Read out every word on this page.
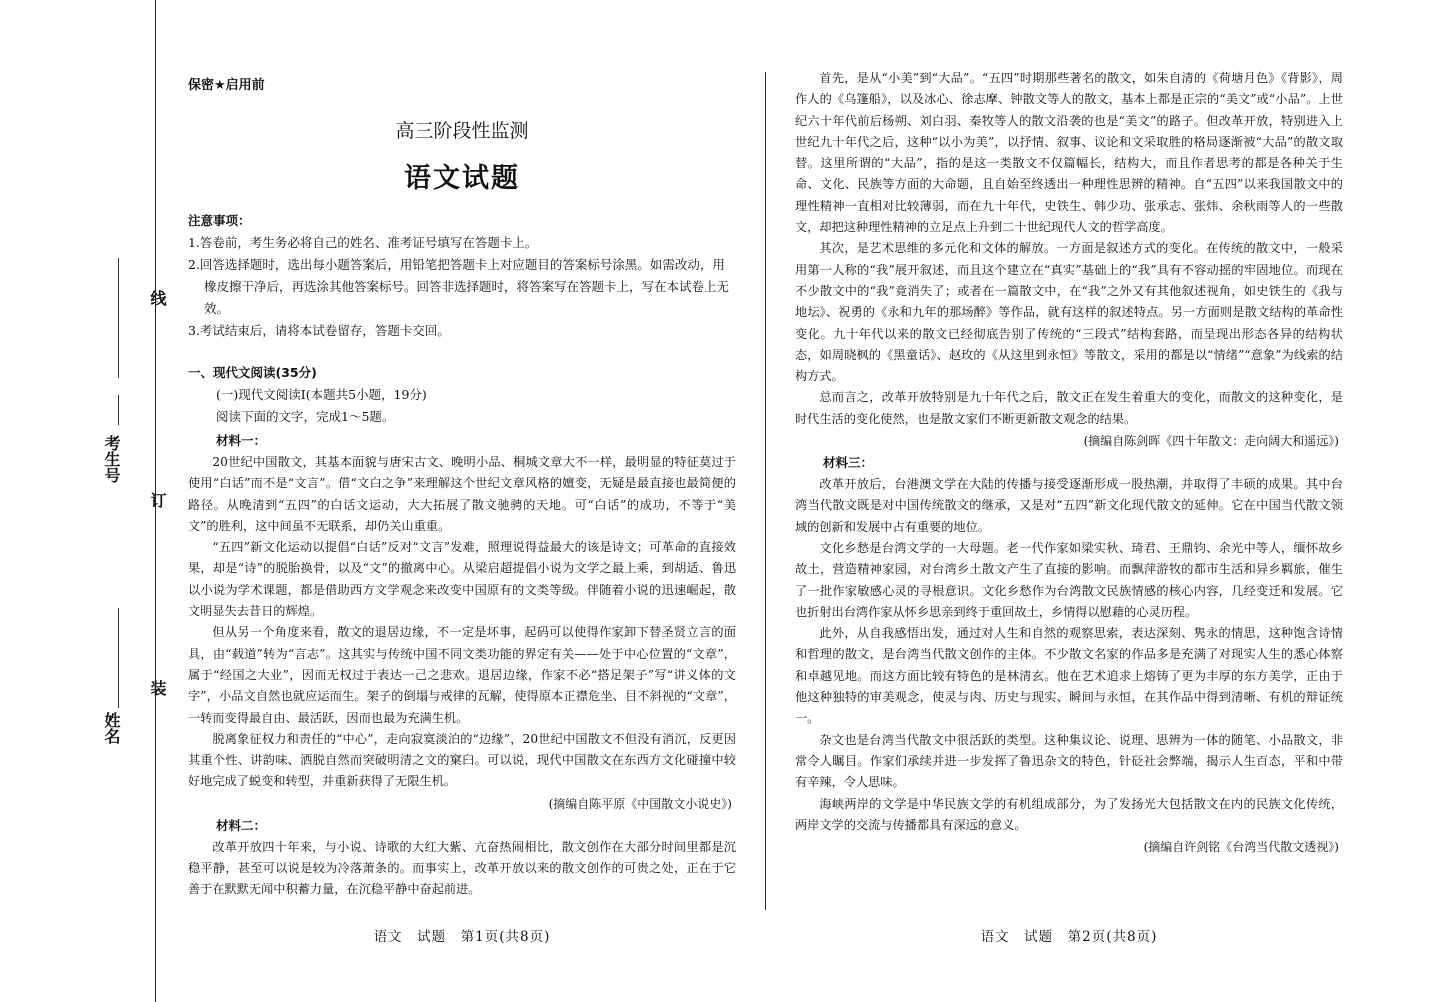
线
考生号
订
装
姓名
保密★启用前
高三阶段性监测
语文试题
注意事项：
1.答卷前，考生务必将自己的姓名、准考证号填写在答题卡上。
2.回答选择题时，选出每小题答案后，用铅笔把答题卡上对应题目的答案标号涂黑。如需改动，用橡皮擦干净后，再选涂其他答案标号。回答非选择题时，将答案写在答题卡上，写在本试卷上无效。
3.考试结束后，请将本试卷留存，答题卡交回。
一、现代文阅读(35分)
(一)现代文阅读Ⅰ(本题共5小题，19分)
阅读下面的文字，完成1～5题。
材料一：

20世纪中国散文，其基本面貌与唐宋古文、晚明小品、桐城文章大不一样，最明显的特征莫过于使用“白话”而不是“文言”。借“文白之争”来理解这个世纪文章风格的嬗变，无疑是最直接也最简便的路径。从晚清到“五四”的白话文运动，大大拓展了散文驰骋的天地。可“白话”的成功，不等于“美文”的胜利，这中间虽不无联系，却仍关山重重。

“五四”新文化运动以提倡“白话”反对“文言”发难，照理说得益最大的该是诗文；可革命的直接效果，却是“诗”的脱胎换骨，以及“文”的撤离中心。从梁启超提倡小说为文学之最上乘，到胡适、鲁迅以小说为学术课题，都是借助西方文学观念来改变中国原有的文类等级。伴随着小说的迅速崛起，散文明显失去昔日的辉煌。

但从另一个角度来看，散文的退居边缘，不一定是坏事，起码可以使得作家卸下替圣贤立言的面具，由“载道”转为“言志”。这其实与传统中国不同文类功能的界定有关——处于中心位置的“文章”，属于“经国之大业”，因而无权过于表达一己之悲欢。退居边缘，作家不必“搭足架子”写“讲义体的文字”，小品文自然也就应运而生。架子的倒塌与戒律的瓦解，使得原本正襟危坐、目不斜视的“文章”，一转而变得最自由、最活跃，因而也最为充满生机。

脱离象征权力和责任的“中心”，走向寂寞淡泊的“边缘”，20世纪中国散文不但没有消沉，反更因其重个性、讲韵味、洒脱自然而突破明清之文的窠臼。可以说，现代中国散文在东西方文化碰撞中较好地完成了蜕变和转型，并重新获得了无限生机。

(摘编自陈平原《中国散文小说史》)
材料二：

改革开放四十年来，与小说、诗歌的大红大紫、亢奋热闹相比，散文创作在大部分时间里都是沉稳平静，甚至可以说是较为冷落萧条的。而事实上，改革开放以来的散文创作的可贵之处，正在于它善于在默默无闻中积蓄力量，在沉稳平静中奋起前进。

语文　试题　第1页(共8页)

首先，是从“小美”到“大品”。“五四”时期那些著名的散文，如朱自清的《荷塘月色》《背影》，周作人的《乌篷船》，以及冰心、徐志摩、钟散文等人的散文，基本上都是正宗的“美文”或“小品”。上世纪六十年代前后杨朔、刘白羽、秦牧等人的散文沿袭的也是“美文”的路子。但改革开放，特别进入上世纪九十年代之后，这种“以小为美”，以抒情、叙事、议论和文采取胜的格局逐渐被“大品”的散文取替。这里所谓的“大品”，指的是这一类散文不仅篇幅长，结构大，而且作者思考的都是各种关于生命、文化、民族等方面的大命题，且自始至终透出一种理性思辨的精神。自“五四”以来我国散文中的理性精神一直相对比较薄弱，而在九十年代，史铁生、韩少功、张承志、张炜、余秋雨等人的一些散文，却把这种理性精神的立足点上升到二十世纪现代人文的哲学高度。

其次，是艺术思维的多元化和文体的解放。一方面是叙述方式的变化。在传统的散文中，一般采用第一人称的“我”展开叙述，而且这个建立在“真实”基础上的“我”具有不容动摇的牢固地位。而现在不少散文中的“我”竟消失了；或者在一篇散文中，在“我”之外又有其他叙述视角，如史铁生的《我与地坛》、祝勇的《永和九年的那场醉》等作品，就有这样的叙述特点。另一方面则是散文结构的革命性变化。九十年代以来的散文已经彻底告别了传统的“三段式”结构套路，而呈现出形态各异的结构状态，如周晓枫的《黑童话》、赵玫的《从这里到永恒》等散文，采用的都是以“情绪”“意象”为线索的结构方式。

总而言之，改革开放特别是九十年代之后，散文正在发生着重大的变化，而散文的这种变化，是时代生活的变化使然，也是散文家们不断更新散文观念的结果。

(摘编自陈剑晖《四十年散文：走向阔大和遥远》)
材料三：

改革开放后，台港澳文学在大陆的传播与接受逐渐形成一股热潮，并取得了丰硕的成果。其中台湾当代散文既是对中国传统散文的继承，又是对“五四”新文化现代散文的延伸。它在中国当代散文领域的创新和发展中占有重要的地位。

文化乡愁是台湾文学的一大母题。老一代作家如梁实秋、琦君、王鼎钧、余光中等人，缅怀故乡故土，营造精神家园，对台湾乡土散文产生了直接的影响。而飘萍游牧的都市生活和异乡羁旅，催生了一批作家敏感心灵的寻根意识。文化乡愁作为台湾散文民族情感的核心内容，几经变迁和发展。它也折射出台湾作家从怀乡思亲到终于重回故土，乡情得以慰藉的心灵历程。

此外，从自我感悟出发，通过对人生和自然的观察思索，表达深刻、隽永的情思，这种饱含诗情和哲理的散文，是台湾当代散文创作的主体。不少散文名家的作品多是充满了对现实人生的悉心体察和卓越见地。而这方面比较有特色的是林清玄。他在艺术追求上熔铸了更为丰厚的东方美学，正由于他这种独特的审美观念，使灵与肉、历史与现实、瞬间与永恒，在其作品中得到清晰、有机的辩证统一。

杂文也是台湾当代散文中很活跃的类型。这种集议论、说理、思辨为一体的随笔、小品散文，非常令人瞩目。作家们承续并进一步发挥了鲁迅杂文的特色，针砭社会弊端，揭示人生百态，平和中带有辛辣，令人思味。

海峡两岸的文学是中华民族文学的有机组成部分，为了发扬光大包括散文在内的民族文化传统，两岸文学的交流与传播都具有深远的意义。

(摘编自许剑铭《台湾当代散文透视》)
语文　试题　第2页(共8页)
